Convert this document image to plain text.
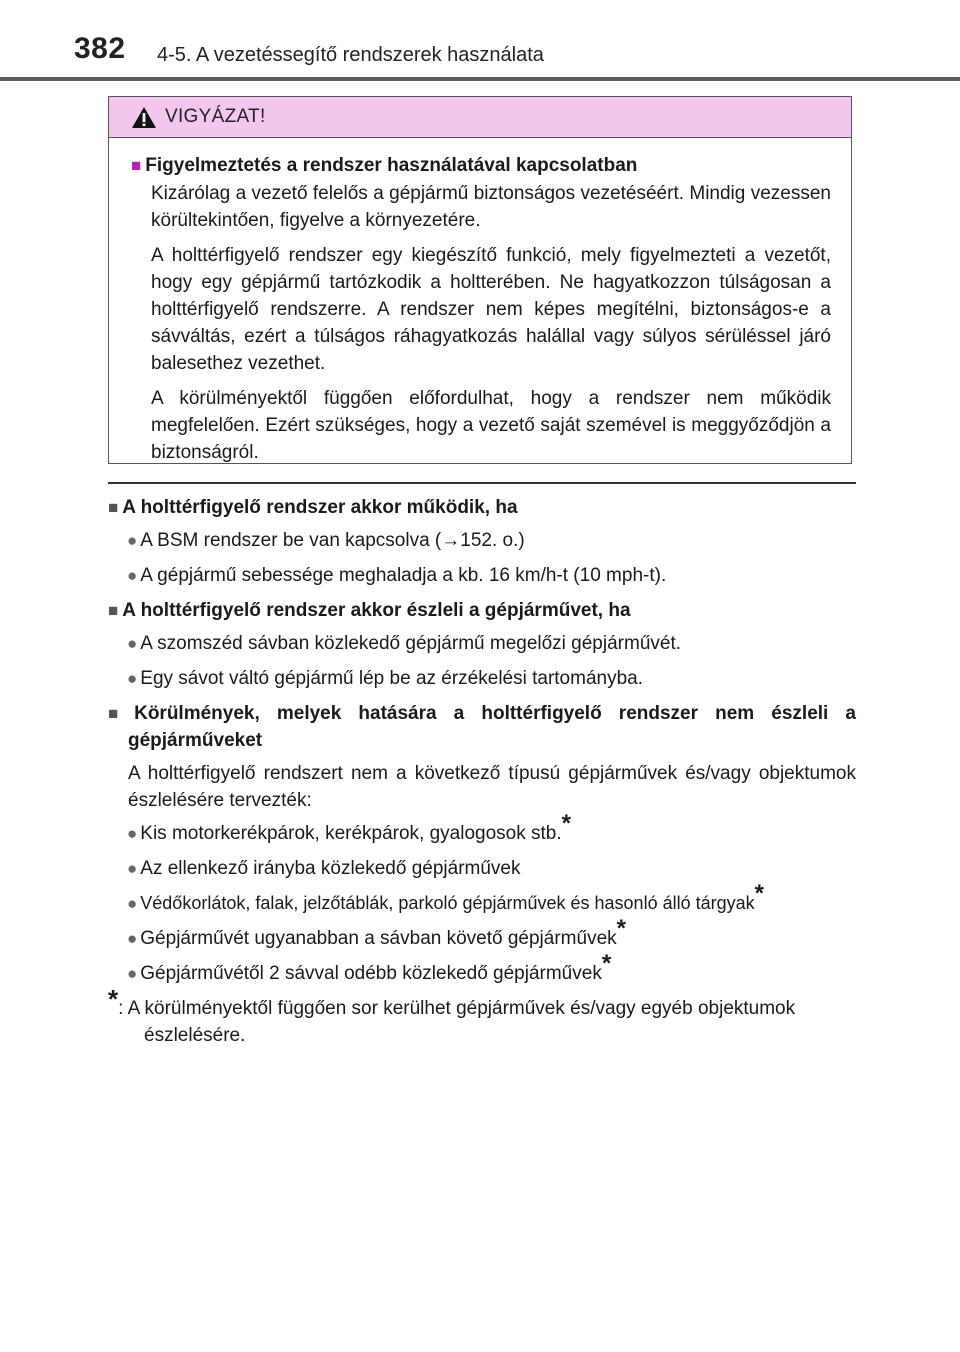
382 4-5. A vezetéssegítő rendszerek használata
VIGYÁZAT!
■ Figyelmeztetés a rendszer használatával kapcsolatban

Kizárólag a vezető felelős a gépjármű biztonságos vezetéséért. Mindig vezessen körültekintően, figyelve a környezetére.

A holttérfigyelő rendszer egy kiegészítő funkció, mely figyelmezteti a vezetőt, hogy egy gépjármű tartózkodik a holtterében. Ne hagyatkozzon túlságosan a holttérfigyelő rendszerre. A rendszer nem képes megítélni, biztonságos-e a sávváltás, ezért a túlságos ráhagyatkozás halállal vagy súlyos sérüléssel járó balesethez vezethet.

A körülményektől függően előfordulhat, hogy a rendszer nem működik megfelelően. Ezért szükséges, hogy a vezető saját szemével is meggyőződjön a biztonságról.

■ A holttérfigyelő rendszer akkor működik, ha
● A BSM rendszer be van kapcsolva (→152. o.)
● A gépjármű sebessége meghaladja a kb. 16 km/h-t (10 mph-t).
■ A holttérfigyelő rendszer akkor észleli a gépjárművet, ha
● A szomszéd sávban közlekedő gépjármű megelőzi gépjárművét.
● Egy sávot váltó gépjármű lép be az érzékelési tartományba.
■ Körülmények, melyek hatására a holttérfigyelő rendszer nem észleli a gépjárműveket
A holttérfigyelő rendszert nem a következő típusú gépjárművek és/vagy objektumok észlelésére tervezték:
● Kis motorkerékpárok, kerékpárok, gyalogosok stb.*
● Az ellenkező irányba közlekedő gépjárművek
● Védőkorlátok, falak, jelzőtáblák, parkoló gépjárművek és hasonló álló tárgyak*
● Gépjárművét ugyanabban a sávban követő gépjárművek*
● Gépjárművétől 2 sávval odébb közlekedő gépjárművek*
*: A körülményektől függően sor kerülhet gépjárművek és/vagy egyéb objektumok észlelésére.
